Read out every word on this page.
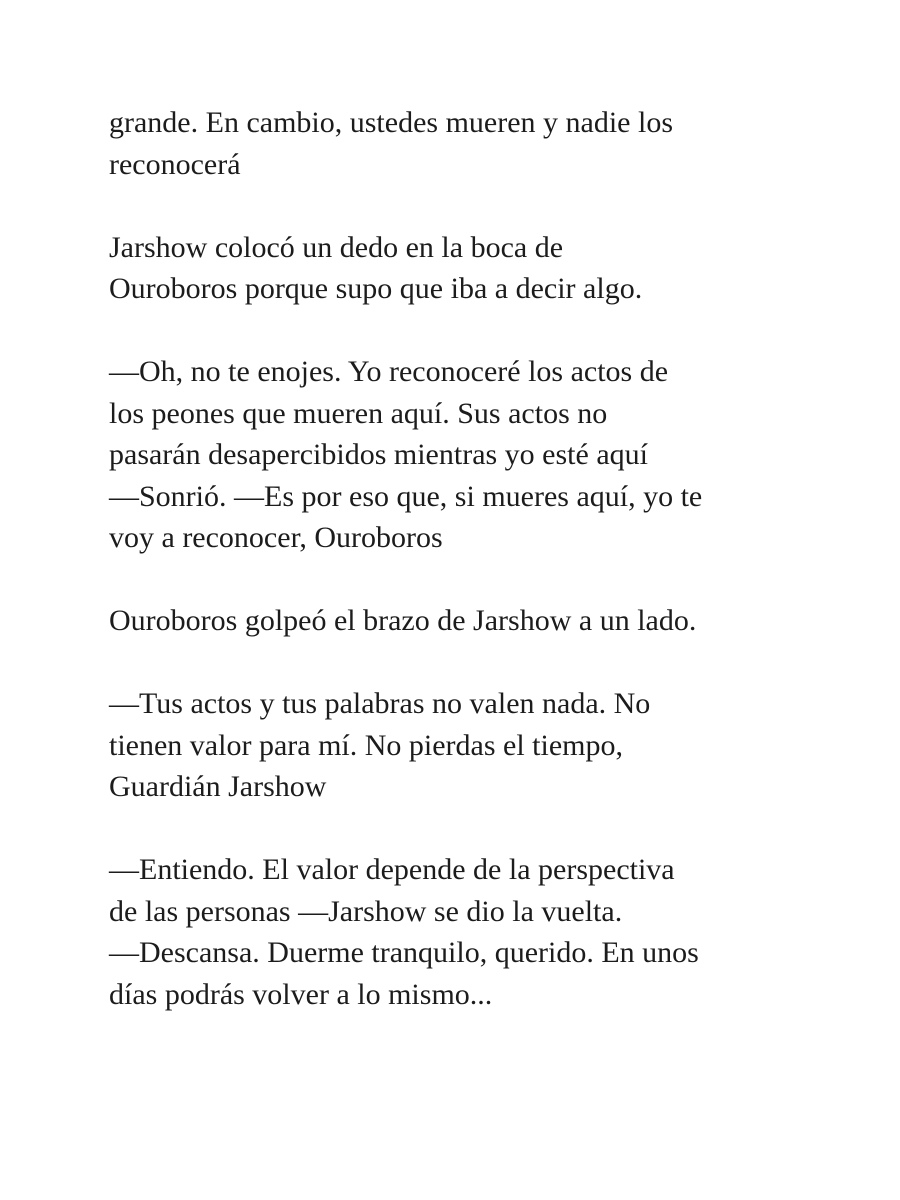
grande. En cambio, ustedes mueren y nadie los
reconocerá

Jarshow colocó un dedo en la boca de
Ouroboros porque supo que iba a decir algo.

—Oh, no te enojes. Yo reconoceré los actos de
los peones que mueren aquí. Sus actos no
pasarán desapercibidos mientras yo esté aquí
—Sonrió. —Es por eso que, si mueres aquí, yo te
voy a reconocer, Ouroboros

Ouroboros golpeó el brazo de Jarshow a un lado.

—Tus actos y tus palabras no valen nada. No
tienen valor para mí. No pierdas el tiempo,
Guardián Jarshow

—Entiendo. El valor depende de la perspectiva
de las personas —Jarshow se dio la vuelta.
—Descansa. Duerme tranquilo, querido. En unos
días podrás volver a lo mismo...
